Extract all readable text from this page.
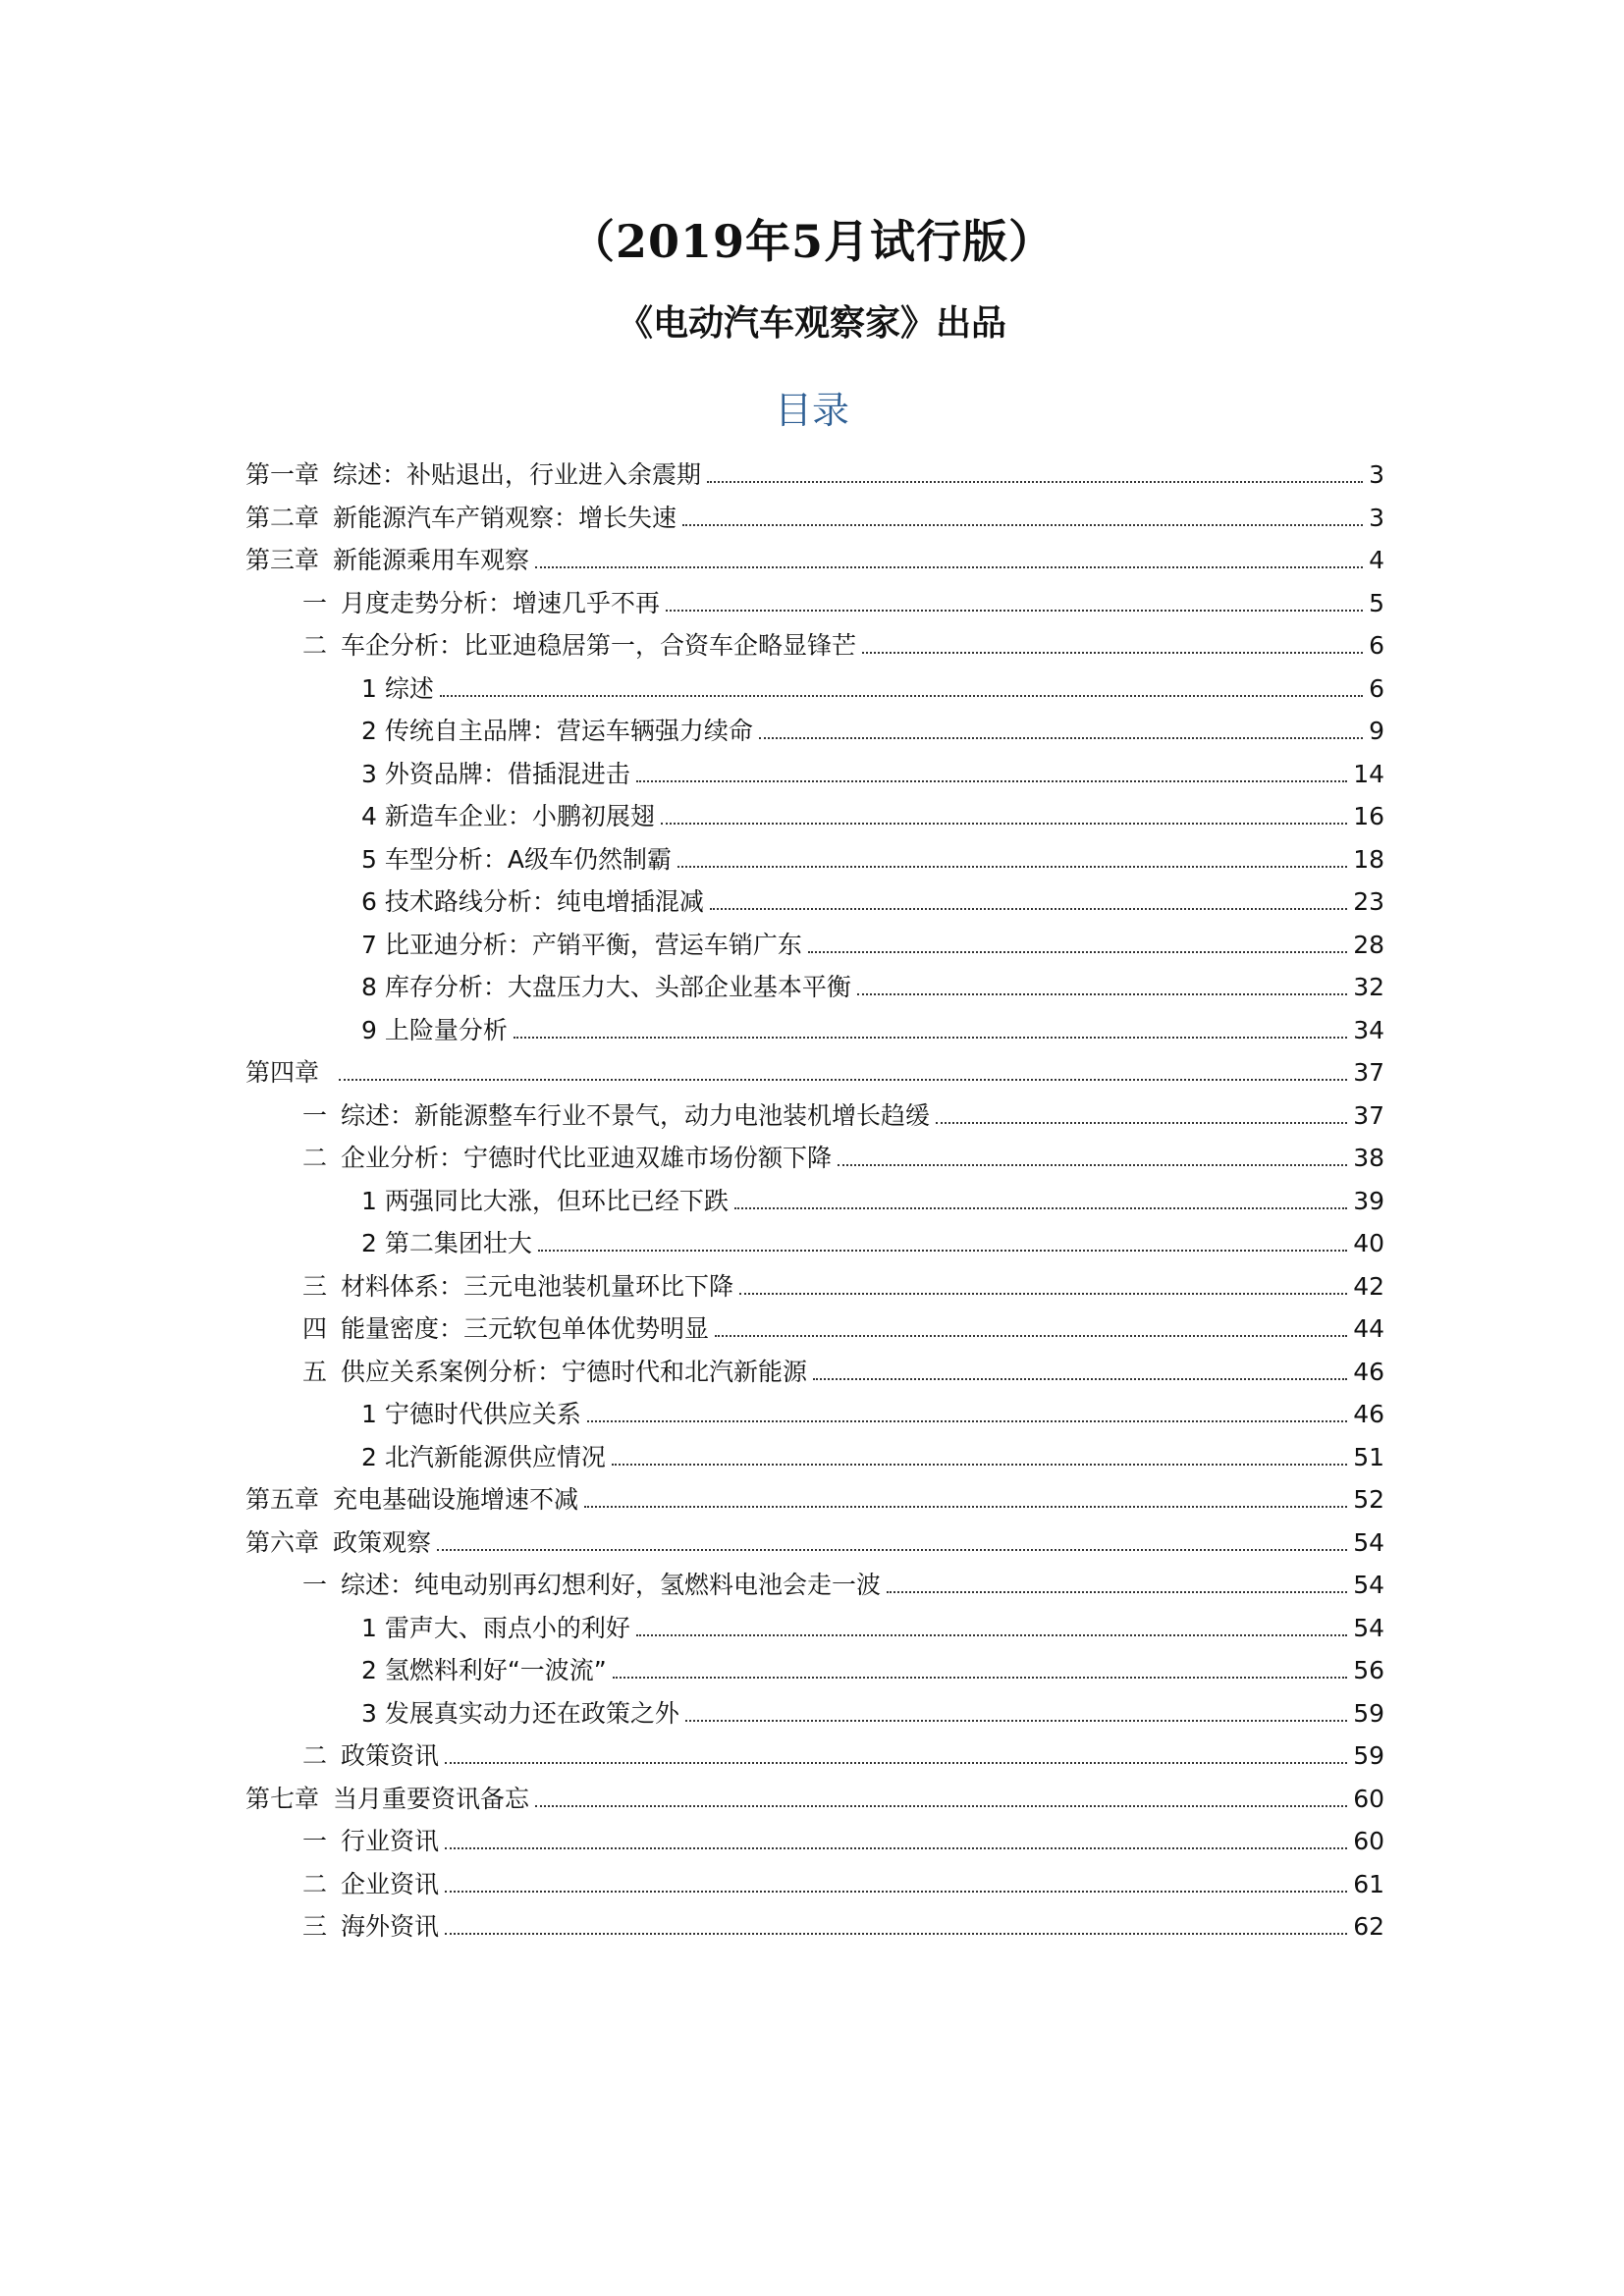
（2019年5月试行版）
《电动汽车观察家》出品
目录
第一章 综述：补贴退出，行业进入余震期	3
第二章 新能源汽车产销观察：增长失速	3
第三章 新能源乘用车观察	4
一 月度走势分析：增速几乎不再	5
二 车企分析：比亚迪稳居第一，合资车企略显锋芒	6
1 综述	6
2 传统自主品牌：营运车辆强力续命	9
3 外资品牌：借插混进击	14
4 新造车企业：小鹏初展翅	16
5 车型分析：A级车仍然制霸	18
6 技术路线分析：纯电增插混减	23
7 比亚迪分析：产销平衡，营运车销广东	28
8 库存分析：大盘压力大、头部企业基本平衡	32
9 上险量分析	34
第四章	37
一 综述：新能源整车行业不景气，动力电池装机增长趋缓	37
二 企业分析：宁德时代比亚迪双雄市场份额下降	38
1 两强同比大涨，但环比已经下跌	39
2 第二集团壮大	40
三 材料体系：三元电池装机量环比下降	42
四 能量密度：三元软包单体优势明显	44
五 供应关系案例分析：宁德时代和北汽新能源	46
1 宁德时代供应关系	46
2 北汽新能源供应情况	51
第五章 充电基础设施增速不减	52
第六章 政策观察	54
一 综述：纯电动别再幻想利好，氢燃料电池会走一波	54
1 雷声大、雨点小的利好	54
2 氢燃料利好“一波流”	56
3 发展真实动力还在政策之外	59
二 政策资讯	59
第七章 当月重要资讯备忘	60
一 行业资讯	60
二 企业资讯	61
三 海外资讯	62
